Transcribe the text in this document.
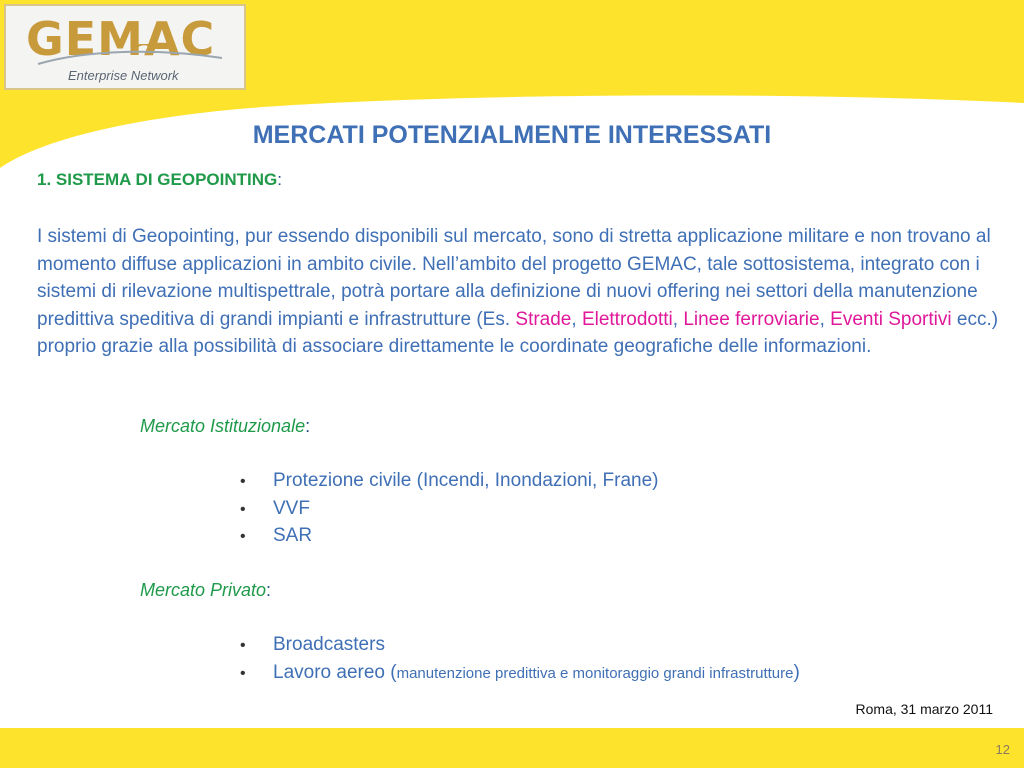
GEMAC
Enterprise Network
MERCATI POTENZIALMENTE INTERESSATI
1. SISTEMA DI GEOPOINTING:

I sistemi di Geopointing, pur essendo disponibili sul mercato, sono di stretta applicazione militare e non trovano al momento diffuse applicazioni in ambito civile. Nell’ambito del progetto GEMAC, tale sottosistema, integrato con i sistemi di rilevazione multispettrale, potrà portare alla definizione di nuovi offering nei settori della manutenzione predittiva speditiva di grandi impianti e infrastrutture (Es. Strade, Elettrodotti, Linee ferroviarie, Eventi Sportivi ecc.) proprio grazie alla possibilità di associare direttamente le coordinate geografiche delle informazioni.

Mercato Istituzionale:
• Protezione civile (Incendi, Inondazioni, Frane)
• VVF
• SAR
Mercato Privato:
• Broadcasters
• Lavoro aereo (manutenzione predittiva e monitoraggio grandi infrastrutture)
Roma, 31 marzo 2011
12
